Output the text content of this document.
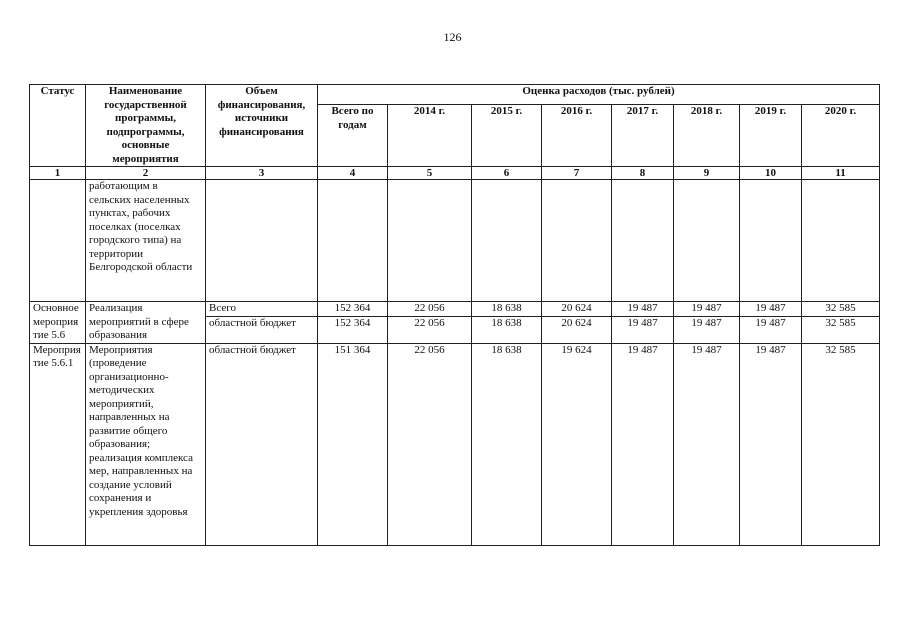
126
Статус	Наименование государственной программы, подпрограммы, основные мероприятия	Объем финансирования, источники финансирования	Оценка расходов (тыс. рублей)							
			Всего по годам	2014 г.	2015 г.	2016 г.	2017 г.	2018 г.	2019 г.	2020 г.
1	2	3	4	5	6	7	8	9	10	11
	работающим в сельских населенных пунктах, рабочих поселках (поселках городского типа) на территории Белгородской области									
Основное мероприя тие 5.6	Реализация мероприятий в сфере образования	Всего	152 364	22 056	18 638	20 624	19 487	19 487	19 487	32 585
		областной бюджет	152 364	22 056	18 638	20 624	19 487	19 487	19 487	32 585
Мероприя тие 5.6.1	Мероприятия (проведение организационно-методических мероприятий, направленных на развитие общего образования; реализация комплекса мер, направленных на создание условий сохранения и укрепления здоровья	областной бюджет	151 364	22 056	18 638	19 624	19 487	19 487	19 487	32 585
